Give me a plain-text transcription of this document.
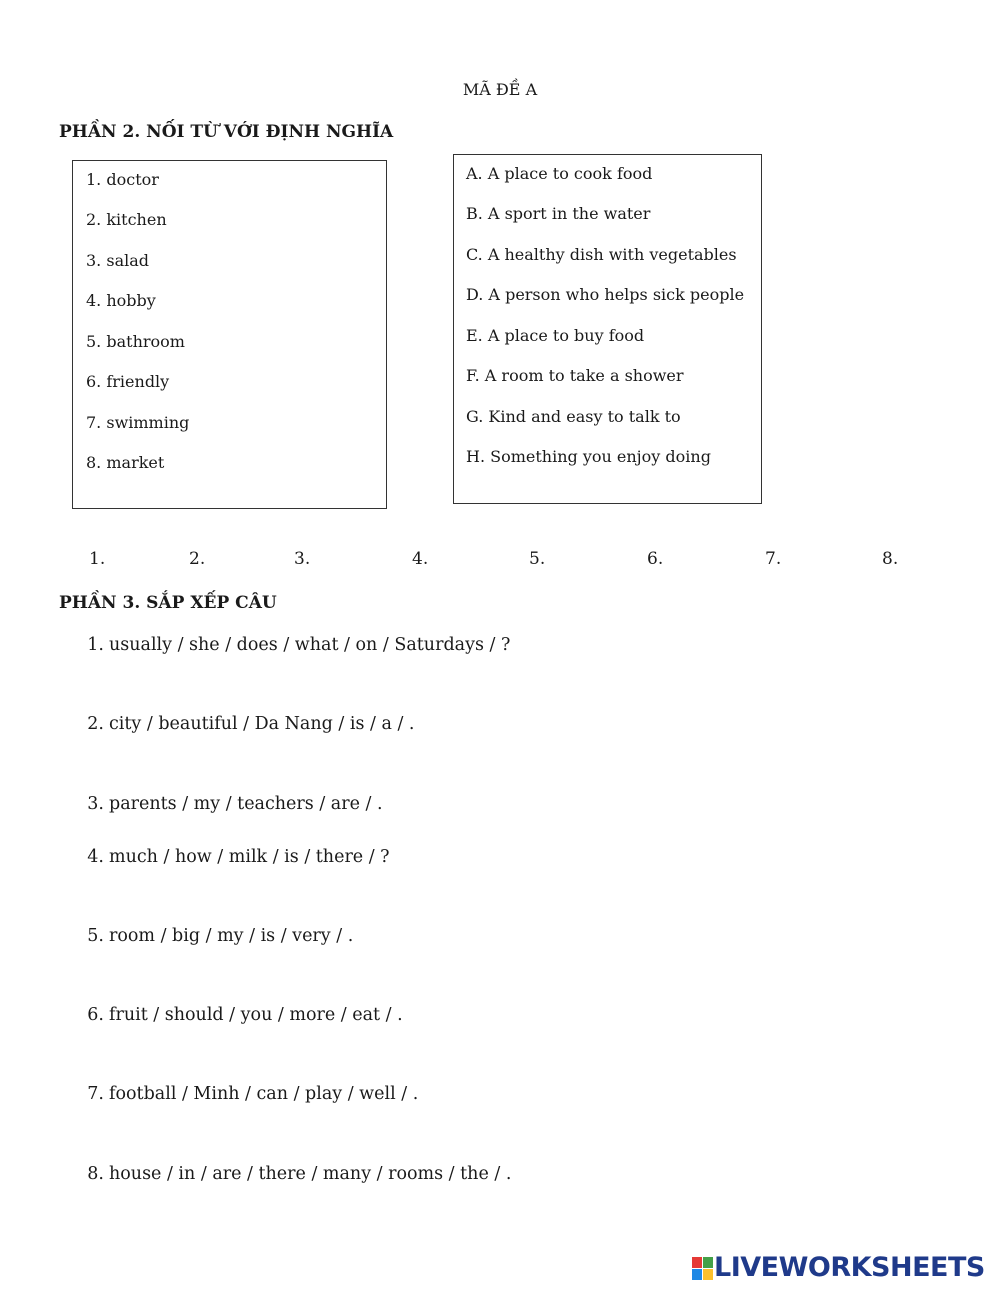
MÃ ĐỀ A
PHẦN 2. NỐI TỪ VỚI ĐỊNH NGHĨA
1. doctor
2. kitchen
3. salad
4. hobby
5. bathroom
6. friendly
7. swimming
8. market
A. A place to cook food
B. A sport in the water
C. A healthy dish with vegetables
D. A person who helps sick people
E. A place to buy food
F. A room to take a shower
G. Kind and easy to talk to
H. Something you enjoy doing
1.	2.	3.	4.	5.	6.	7.	8.
PHẦN 3. SẮP XẾP CÂU
1. usually / she / does / what / on / Saturdays / ?
2. city / beautiful / Da Nang / is / a / .
3. parents / my / teachers / are / .
4. much / how / milk / is / there / ?
5. room / big / my / is / very / .
6. fruit / should / you / more / eat / .
7. football / Minh / can / play / well / .
8. house / in / are / there / many / rooms / the / .
LIVEWORKSHEETS
